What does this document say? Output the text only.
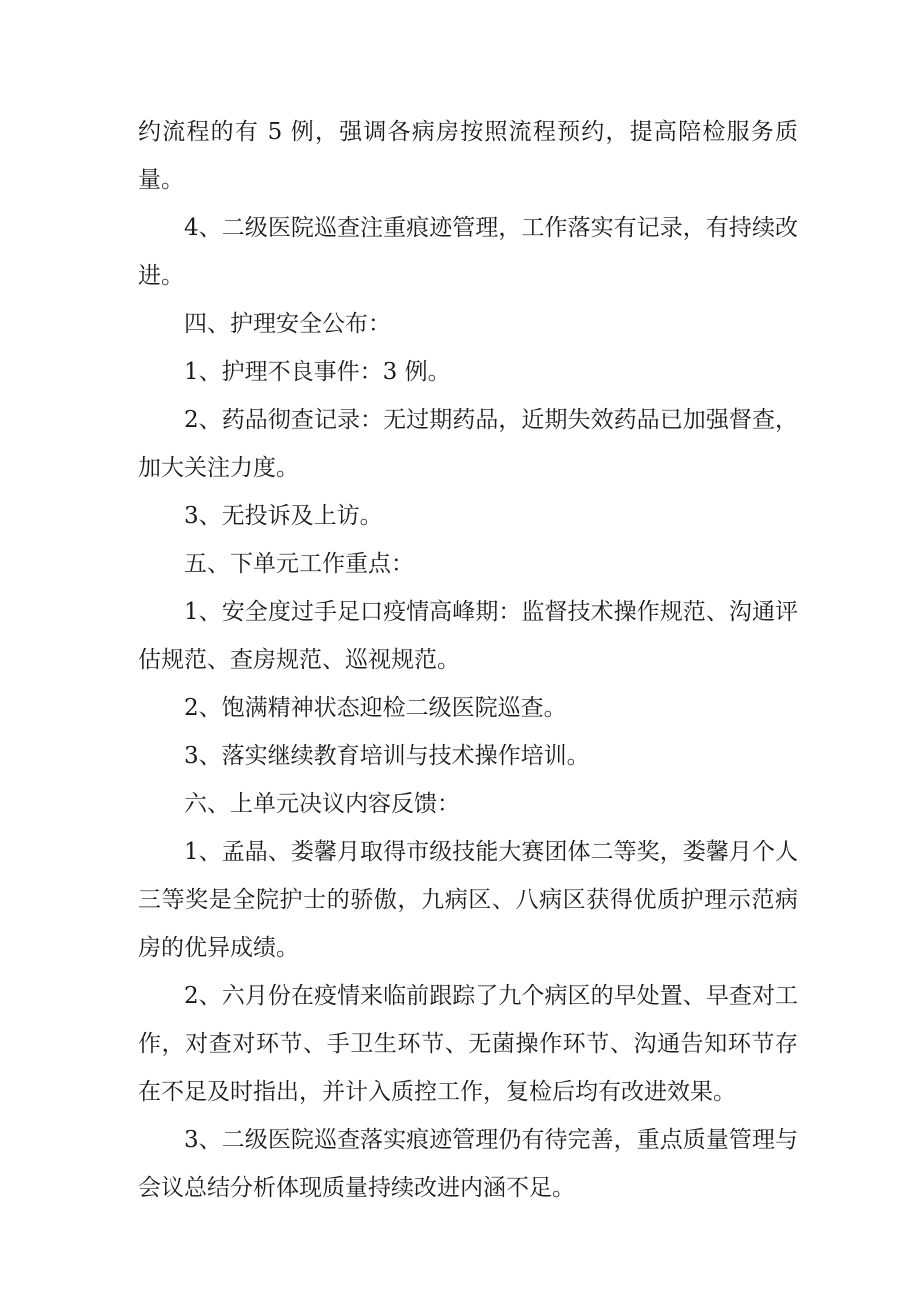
约流程的有 5 例，强调各病房按照流程预约，提高陪检服务质量。

4、二级医院巡查注重痕迹管理，工作落实有记录，有持续改进。

四、护理安全公布：

1、护理不良事件：3 例。

2、药品彻查记录：无过期药品，近期失效药品已加强督查，加大关注力度。

3、无投诉及上访。

五、下单元工作重点：

1、安全度过手足口疫情高峰期：监督技术操作规范、沟通评估规范、查房规范、巡视规范。

2、饱满精神状态迎检二级医院巡查。

3、落实继续教育培训与技术操作培训。

六、上单元决议内容反馈：

1、孟晶、娄馨月取得市级技能大赛团体二等奖，娄馨月个人三等奖是全院护士的骄傲，九病区、八病区获得优质护理示范病房的优异成绩。

2、六月份在疫情来临前跟踪了九个病区的早处置、早查对工作，对查对环节、手卫生环节、无菌操作环节、沟通告知环节存在不足及时指出，并计入质控工作，复检后均有改进效果。

3、二级医院巡查落实痕迹管理仍有待完善，重点质量管理与会议总结分析体现质量持续改进内涵不足。
